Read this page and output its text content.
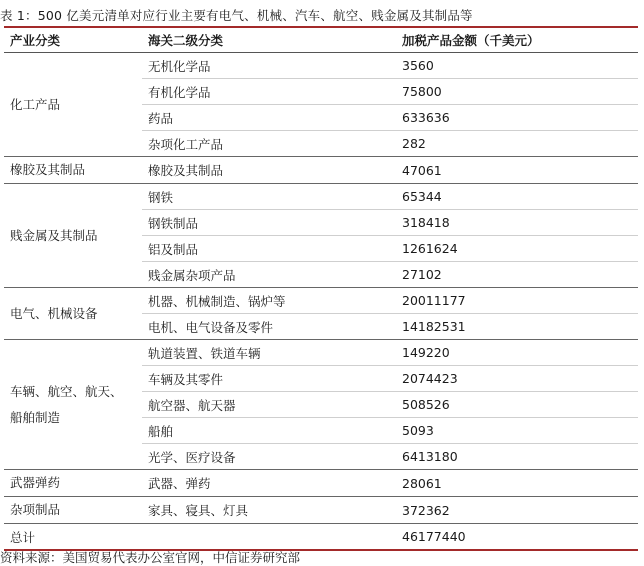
表 1：500 亿美元清单对应行业主要有电气、机械、汽车、航空、贱金属及其制品等
产业分类	海关二级分类	加税产品金额（千美元）
化工产品	无机化学品	3560
	有机化学品	75800
	药品	633636
	杂项化工产品	282
橡胶及其制品	橡胶及其制品	47061
贱金属及其制品	钢铁	65344
	钢铁制品	318418
	铝及制品	1261624
	贱金属杂项产品	27102
电气、机械设备	机器、机械制造、锅炉等	20011177
	电机、电气设备及零件	14182531
车辆、航空、航天、船舶制造	轨道装置、铁道车辆	149220
	车辆及其零件	2074423
	航空器、航天器	508526
	船舶	5093
	光学、医疗设备	6413180
武器弹药	武器、弹药	28061
杂项制品	家具、寝具、灯具	372362
总计		46177440
资料来源：美国贸易代表办公室官网，中信证券研究部
